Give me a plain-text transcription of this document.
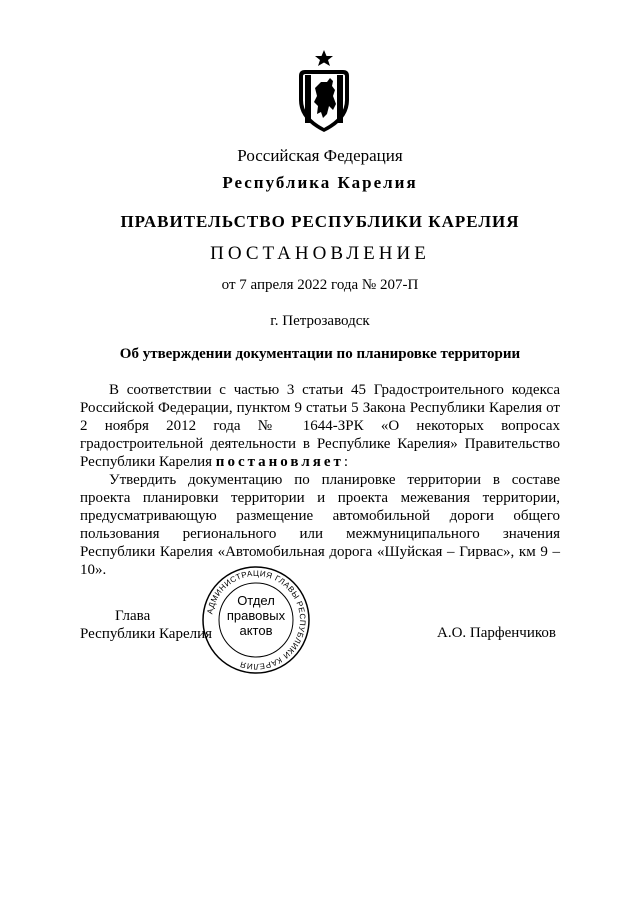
Российская Федерация
Республика Карелия
ПРАВИТЕЛЬСТВО РЕСПУБЛИКИ КАРЕЛИЯ
ПОСТАНОВЛЕНИЕ
от 7 апреля 2022 года № 207-П
г. Петрозаводск
Об утверждении документации по планировке территории

В соответствии с частью 3 статьи 45 Градостроительного кодекса Российской Федерации, пунктом 9 статьи 5 Закона Республики Карелия от 2 ноября 2012 года № 1644-ЗРК «О некоторых вопросах градостроительной деятельности в Республике Карелия» Правительство Республики Карелия постановляет:

Утвердить документацию по планировке территории в составе проекта планировки территории и проекта межевания территории, предусматривающую размещение автомобильной дороги общего пользования регионального или межмуниципального значения Республики Карелия «Автомобильная дорога «Шуйская – Гирвас», км 9 – 10».

Глава
Республики Карелия	А.О. Парфенчиков
АДМИНИСТРАЦИЯ ГЛАВЫ РЕСПУБЛИКИ КАРЕЛИЯ
Отдел
правовых
актов
